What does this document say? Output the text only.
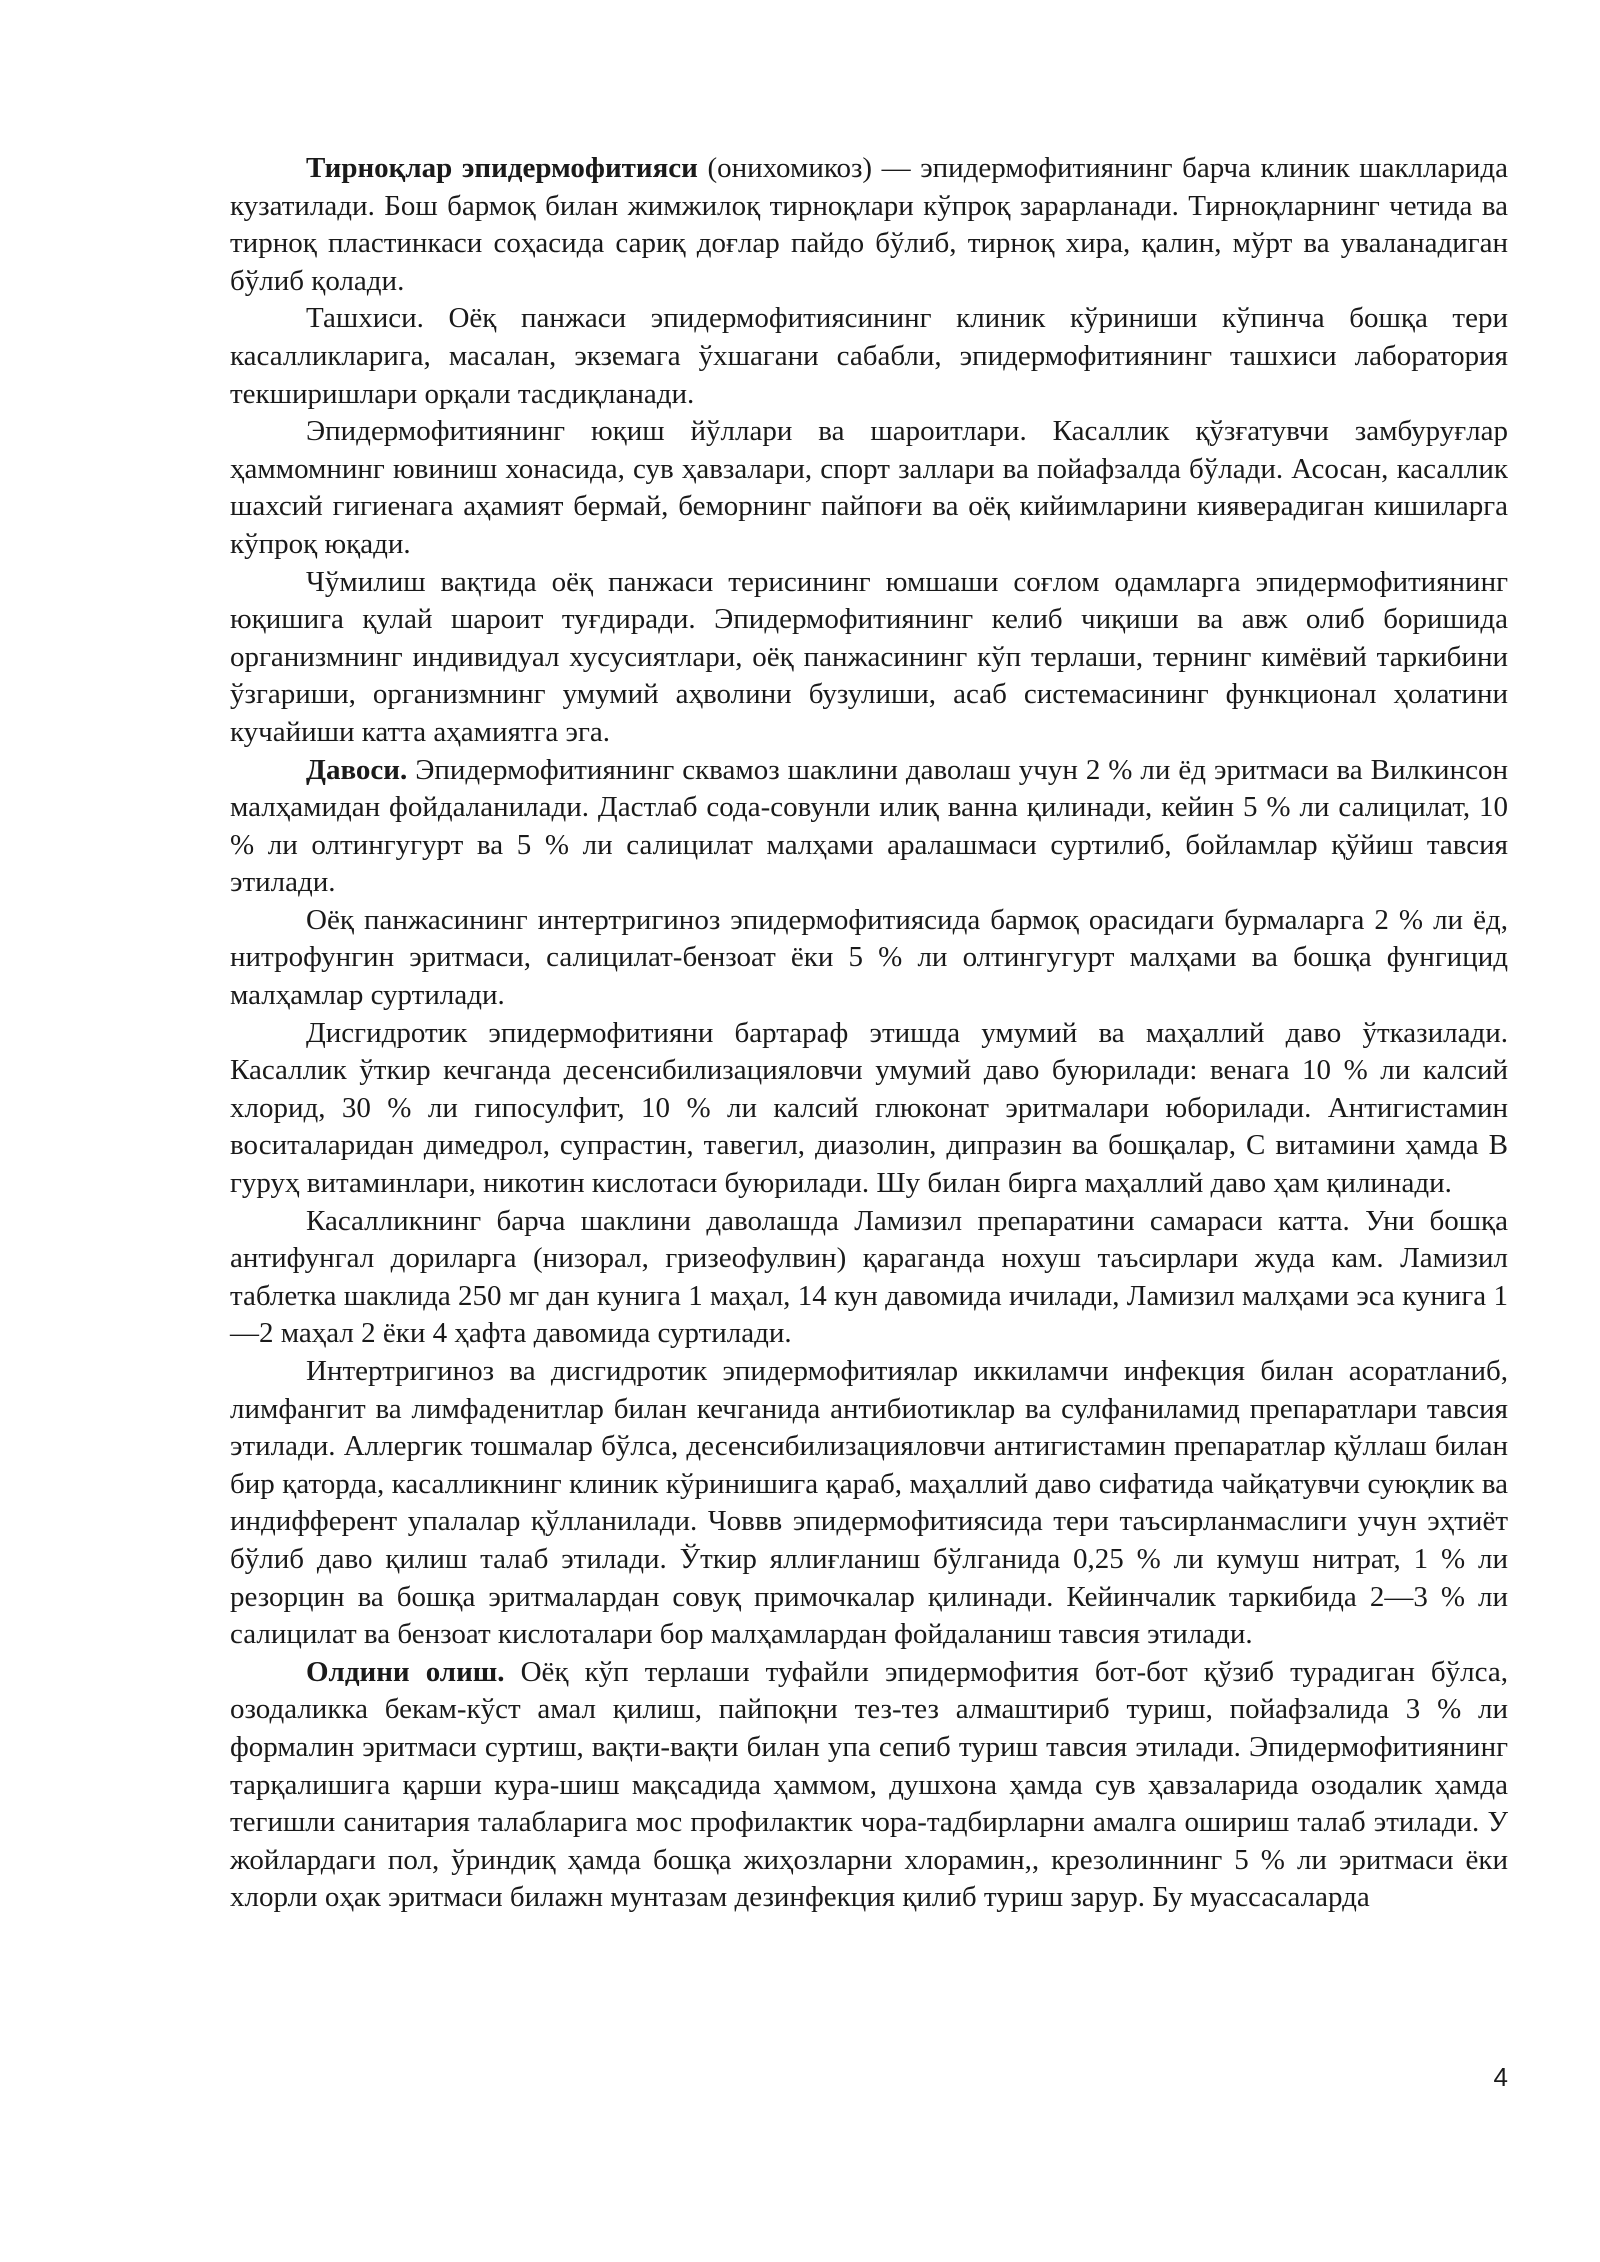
Тирноқлар эпидермофитияси (онихомикоз) — эпидермофитиянинг барча клиник шаклларида кузатилади. Бош бармоқ билан жимжилоқ тирноқлари кўпроқ зарарланади. Тирноқларнинг четида ва тирноқ пластинкаси соҳасида сариқ доғлар пайдо бўлиб, тирноқ хира, қалин, мўрт ва уваланадиган бўлиб қолади.

Ташхиси. Оёқ панжаси эпидермофитиясининг клиник кўриниши кўпинча бошқа тери касалликларига, масалан, экземага ўхшагани сабабли, эпидермофитиянинг ташхиси лаборатория текширишлари орқали тасдиқланади.

Эпидермофитиянинг юқиш йўллари ва шароитлари. Касаллик қўзғатувчи замбуруғлар ҳаммомнинг ювиниш хонасида, сув ҳавзалари, спорт заллари ва пойафзалда бўлади. Асосан, касаллик шахсий гигиенага аҳамият бермай, беморнинг пайпоғи ва оёқ кийимларини кияверадиган кишиларга кўпроқ юқади.

Чўмилиш вақтида оёқ панжаси терисининг юмшаши соғлом одамларга эпидермофитиянинг юқишига қулай шароит туғдиради. Эпидермофитиянинг келиб чиқиши ва авж олиб боришида организмнинг индивидуал хусусиятлари, оёқ панжасининг кўп терлаши, тернинг кимёвий таркибини ўзгариши, организмнинг умумий аҳволини бузулиши, асаб системасининг функционал ҳолатини кучайиши катта аҳамиятга эга.

Давоси. Эпидермофитиянинг сквамоз шаклини даволаш учун 2 % ли ёд эритмаси ва Вилкинсон малҳамидан фойдаланилади. Дастлаб сода-совунли илиқ ванна қилинади, кейин 5 % ли салицилат, 10 % ли олтингугурт ва 5 % ли салицилат малҳами аралашмаси суртилиб, бойламлар қўйиш тавсия этилади.

Оёқ панжасининг интертригиноз эпидермофитиясида бармоқ орасидаги бурмаларга 2 % ли ёд, нитрофунгин эритмаси, салицилат-бензоат ёки 5 % ли олтингугурт малҳами ва бошқа фунгицид малҳамлар суртилади.

Дисгидротик эпидермофитияни бартараф этишда умумий ва маҳаллий даво ўтказилади. Касаллик ўткир кечганда десенсибилизацияловчи умумий даво буюрилади: венага 10 % ли калсий хлорид, 30 % ли гипосулфит, 10 % ли калсий глюконат эритмалари юборилади. Антигистамин воситаларидан димедрол, супрастин, тавегил, диазолин, дипразин ва бошқалар, С витамини ҳамда В гуруҳ витаминлари, никотин кислотаси буюрилади. Шу билан бирга маҳаллий даво ҳам қилинади.

Касалликнинг барча шаклини даволашда Ламизил препаратини самараси катта. Уни бошқа антифунгал дориларга (низорал, гризеофулвин) қараганда нохуш таъсирлари жуда кам. Ламизил таблетка шаклида 250 мг дан кунига 1 маҳал, 14 кун давомида ичилади, Ламизил малҳами эса кунига 1—2 маҳал 2 ёки 4 ҳафта давомида суртилади.

Интертригиноз ва дисгидротик эпидермофитиялар иккиламчи инфекция билан асоратланиб, лимфангит ва лимфаденитлар билан кечганида антибиотиклар ва сулфаниламид препаратлари тавсия этилади. Аллергик тошмалар бўлса, десенсибилизацияловчи антигистамин препаратлар қўллаш билан бир қаторда, касалликнинг клиник кўринишига қараб, маҳаллий даво сифатида чайқатувчи суюқлик ва индифферент упалалар қўлланилади. Човвв эпидермофитиясида тери таъсирланмаслиги учун эҳтиёт бўлиб даво қилиш талаб этилади. Ўткир яллиғланиш бўлганида 0,25 % ли кумуш нитрат, 1 % ли резорцин ва бошқа эритмалардан совуқ примочкалар қилинади. Кейинчалик таркибида 2—3 % ли салицилат ва бензоат кислоталари бор малҳамлардан фойдаланиш тавсия этилади.

Олдини олиш. Оёқ кўп терлаши туфайли эпидермофития бот-бот қўзиб турадиган бўлса, озодаликка бекам-кўст амал қилиш, пайпоқни тез-тез алмаштириб туриш, пойафзалида 3 % ли формалин эритмаси суртиш, вақти-вақти билан упа сепиб туриш тавсия этилади. Эпидермофитиянинг тарқалишига қарши кура-шиш мақсадида ҳаммом, душхона ҳамда сув ҳавзаларида озодалик ҳамда тегишли санитария талабларига мос профилактик чора-тадбирларни амалга ошириш талаб этилади. У жойлардаги пол, ўриндиқ ҳамда бошқа жиҳозларни хлорамин,, крезолиннинг 5 % ли эритмаси ёки хлорли оҳак эритмаси билажн мунтазам дезинфекция қилиб туриш зарур. Бу муассасаларда

4
